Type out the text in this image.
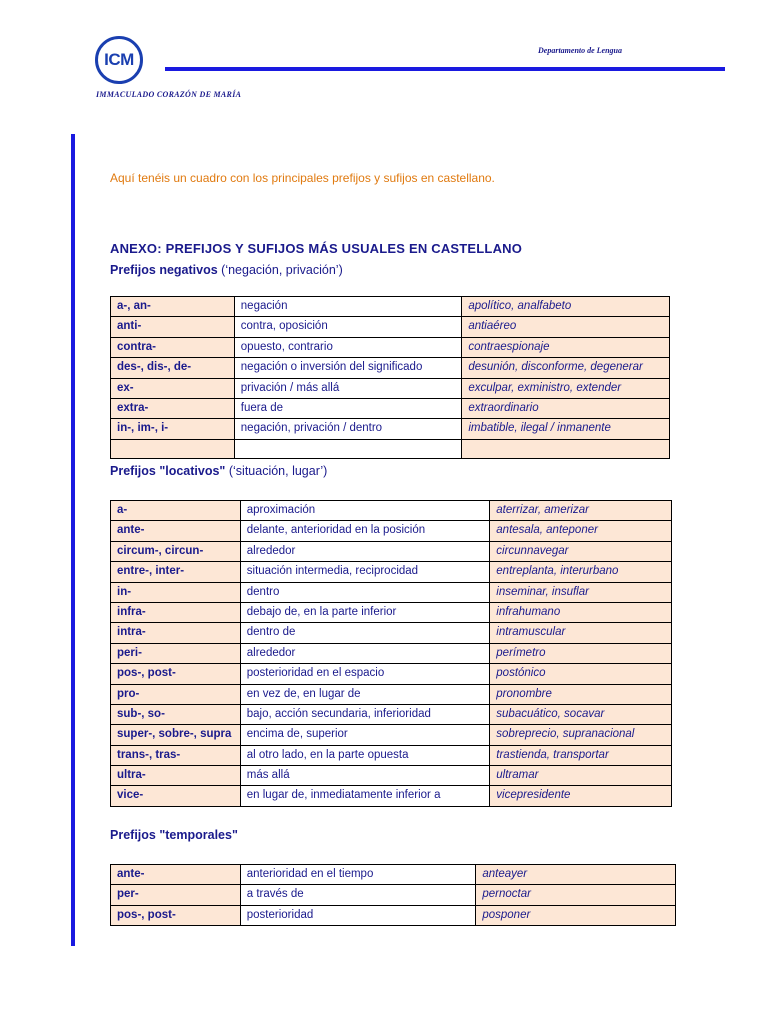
ICM
IMMACULADO CORAZÓN DE MARÍA
Departamento de Lengua
Aquí tenéis un cuadro con los principales prefijos y sufijos en castellano.
ANEXO: PREFIJOS Y SUFIJOS MÁS USUALES EN CASTELLANO
Prefijos negativos (‘negación, privación’)
a-, an-	negación	apolítico, analfabeto
anti-	contra, oposición	antiaéreo
contra-	opuesto, contrario	contraespionaje
des-, dis-, de-	negación o inversión del significado	desunión, disconforme, degenerar
ex-	privación / más allá	exculpar, exministro, extender
extra-	fuera de	extraordinario
in-, im-, i-	negación, privación / dentro	imbatible, ilegal / inmanente

Prefijos "locativos" (‘situación, lugar’)
a-	aproximación	aterrizar, amerizar
ante-	delante, anterioridad en la posición	antesala, anteponer
circum-, circun-	alrededor	circunnavegar
entre-, inter-	situación intermedia, reciprocidad	entreplanta, interurbano
in-	dentro	inseminar, insuflar
infra-	debajo de, en la parte inferior	infrahumano
intra-	dentro de	intramuscular
peri-	alrededor	perímetro
pos-, post-	posterioridad en el espacio	postónico
pro-	en vez de, en lugar de	pronombre
sub-, so-	bajo, acción secundaria, inferioridad	subacuático, socavar
super-, sobre-, supra	encima de, superior	sobreprecio, supranacional
trans-, tras-	al otro lado, en la parte opuesta	trastienda, transportar
ultra-	más allá	ultramar
vice-	en lugar de, inmediatamente inferior a	vicepresidente
Prefijos "temporales"
ante-	anterioridad en el tiempo	anteayer
per-	a través de	pernoctar
pos-, post-	posterioridad	posponer
